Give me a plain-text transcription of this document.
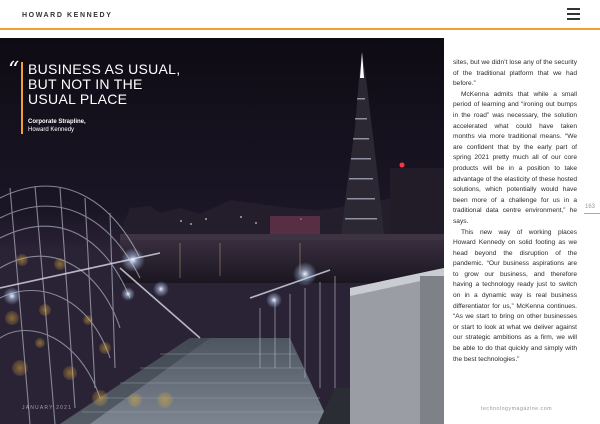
HOWARD KENNEDY
“ BUSINESS AS USUAL,
BUT NOT IN THE
USUAL PLACE
Corporate Strapline,
Howard Kennedy
JANUARY 2021

sites, but we didn’t lose any of the security of the traditional platform that we had before.”

McKenna admits that while a small period of learning and “ironing out bumps in the road” was necessary, the solution accelerated what could have taken months via more traditional means. “We are confident that by the early part of spring 2021 pretty much all of our core products will be in a position to take advantage of the elasticity of these hosted solutions, which potentially would have been more of a challenge for us in a traditional data centre environment,” he says.

This new way of working places Howard Kennedy on solid footing as we head beyond the disruption of the pandemic. “Our business aspirations are to grow our business, and therefore having a technology ready just to switch on in a dynamic way is real business differentiator for us,” McKenna continues. “As we start to bring on other businesses or start to look at what we deliver against our strategic ambitions as a firm, we will be able to do that quickly and simply with the best technologies.”

163
technologymagazine.com
